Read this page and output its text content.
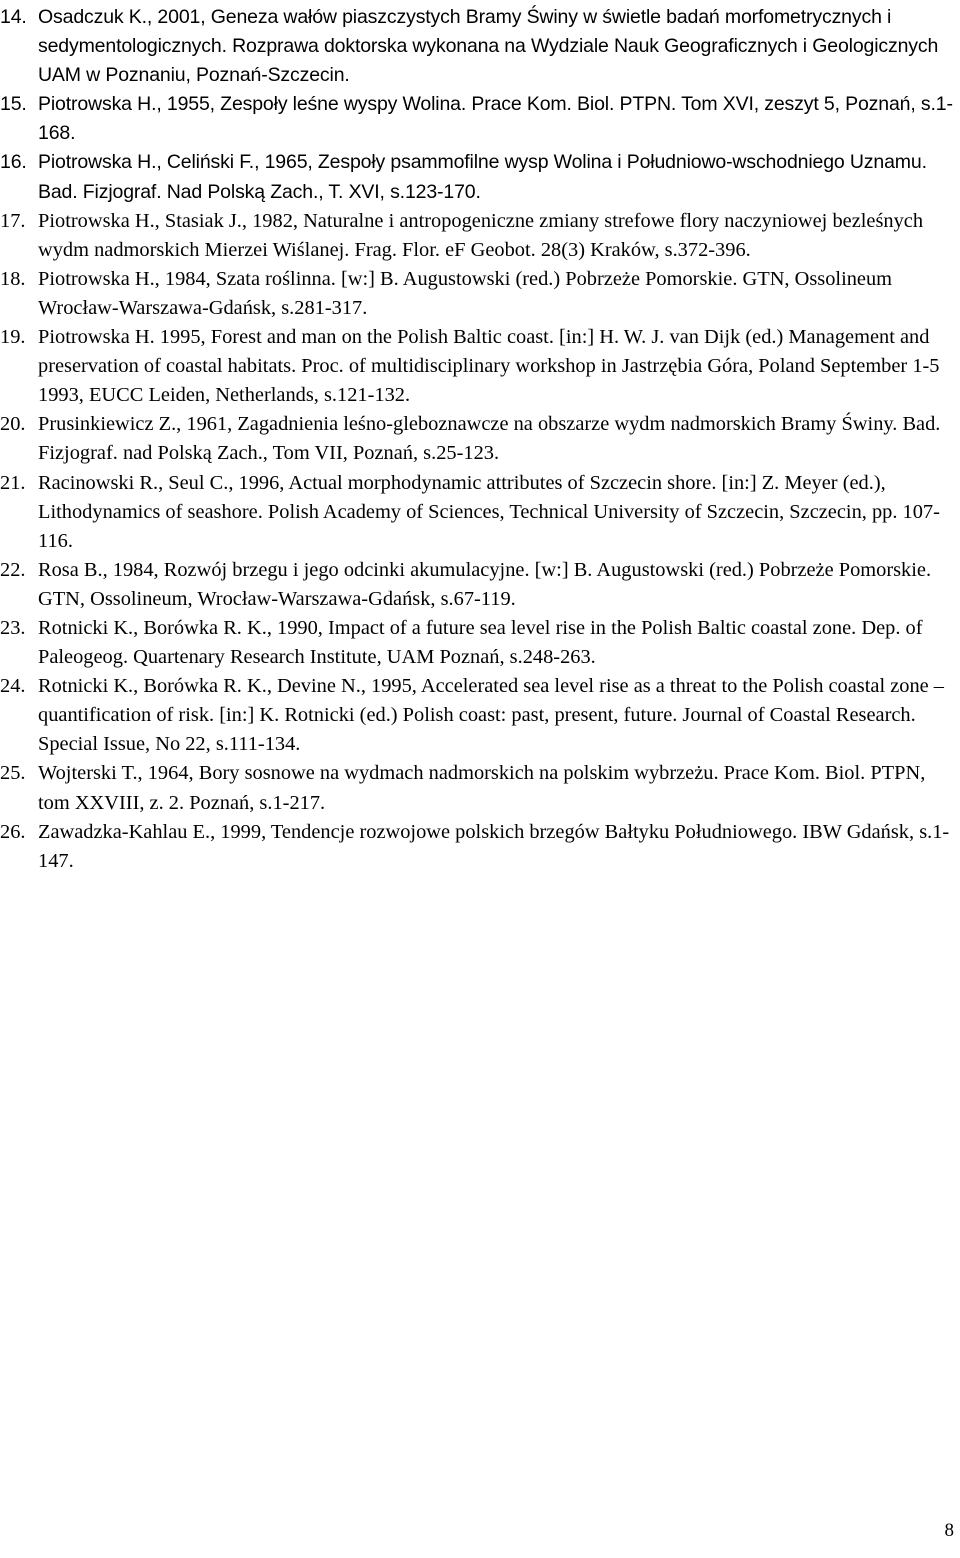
14. Osadczuk K., 2001, Geneza wałów piaszczystych Bramy Świny w świetle badań morfometrycznych i sedymentologicznych. Rozprawa doktorska wykonana na Wydziale Nauk Geograficznych i Geologicznych UAM w Poznaniu, Poznań-Szczecin.
15. Piotrowska H., 1955, Zespoły leśne wyspy Wolina. Prace Kom. Biol. PTPN. Tom XVI, zeszyt 5, Poznań, s.1-168.
16. Piotrowska H., Celiński F., 1965, Zespoły psammofilne wysp Wolina i Południowo-wschodniego Uznamu. Bad. Fizjograf. Nad Polską Zach., T. XVI, s.123-170.
17. Piotrowska H., Stasiak J., 1982, Naturalne i antropogeniczne zmiany strefowe flory naczyniowej bezleśnych wydm nadmorskich Mierzei Wiślanej. Frag. Flor. eF Geobot. 28(3) Kraków, s.372-396.
18. Piotrowska H., 1984, Szata roślinna. [w:] B. Augustowski (red.) Pobrzeże Pomorskie. GTN, Ossolineum Wrocław-Warszawa-Gdańsk, s.281-317.
19. Piotrowska H. 1995, Forest and man on the Polish Baltic coast. [in:] H. W. J. van Dijk (ed.) Management and preservation of coastal habitats. Proc. of multidisciplinary workshop in Jastrzębia Góra, Poland September 1-5 1993, EUCC Leiden, Netherlands, s.121-132.
20. Prusinkiewicz Z., 1961, Zagadnienia leśno-gleboznawcze na obszarze wydm nadmorskich Bramy Świny. Bad. Fizjograf. nad Polską Zach., Tom VII, Poznań, s.25-123.
21. Racinowski R., Seul C., 1996, Actual morphodynamic attributes of Szczecin shore. [in:] Z. Meyer (ed.), Lithodynamics of seashore. Polish Academy of Sciences, Technical University of Szczecin, Szczecin, pp. 107-116.
22. Rosa B., 1984, Rozwój brzegu i jego odcinki akumulacyjne. [w:] B. Augustowski (red.) Pobrzeże Pomorskie. GTN, Ossolineum, Wrocław-Warszawa-Gdańsk, s.67-119.
23. Rotnicki K., Borówka R. K., 1990, Impact of a future sea level rise in the Polish Baltic coastal zone. Dep. of Paleogeog. Quartenary Research Institute, UAM Poznań, s.248-263.
24. Rotnicki K., Borówka R. K., Devine N., 1995, Accelerated sea level rise as a threat to the Polish coastal zone – quantification of risk. [in:] K. Rotnicki (ed.) Polish coast: past, present, future. Journal of Coastal Research. Special Issue, No 22, s.111-134.
25. Wojterski T., 1964, Bory sosnowe na wydmach nadmorskich na polskim wybrzeżu. Prace Kom. Biol. PTPN, tom XXVIII, z. 2. Poznań, s.1-217.
26. Zawadzka-Kahlau E., 1999, Tendencje rozwojowe polskich brzegów Bałtyku Południowego. IBW Gdańsk, s.1-147.
8
